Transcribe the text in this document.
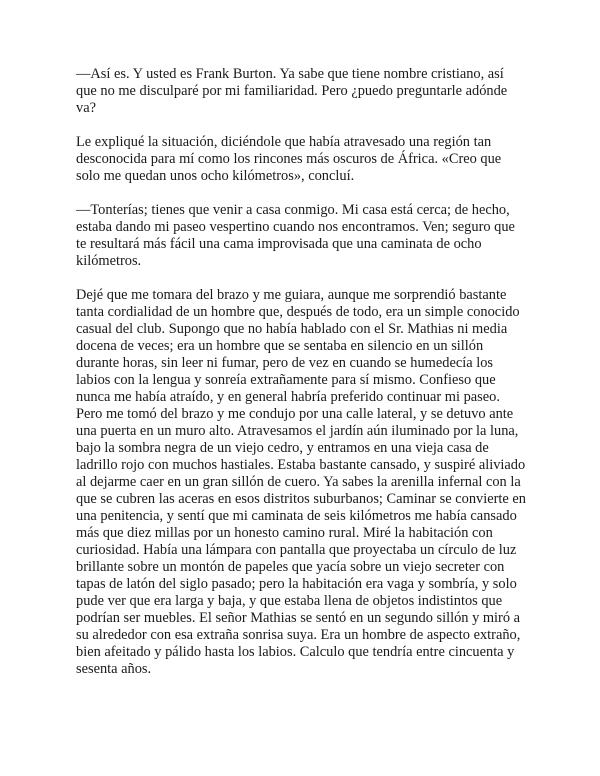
—Así es. Y usted es Frank Burton. Ya sabe que tiene nombre cristiano, así que no me disculparé por mi familiaridad. Pero ¿puedo preguntarle adónde va?

Le expliqué la situación, diciéndole que había atravesado una región tan desconocida para mí como los rincones más oscuros de África. «Creo que solo me quedan unos ocho kilómetros», concluí.

—Tonterías; tienes que venir a casa conmigo. Mi casa está cerca; de hecho, estaba dando mi paseo vespertino cuando nos encontramos. Ven; seguro que te resultará más fácil una cama improvisada que una caminata de ocho kilómetros.

Dejé que me tomara del brazo y me guiara, aunque me sorprendió bastante tanta cordialidad de un hombre que, después de todo, era un simple conocido casual del club. Supongo que no había hablado con el Sr. Mathias ni media docena de veces; era un hombre que se sentaba en silencio en un sillón durante horas, sin leer ni fumar, pero de vez en cuando se humedecía los labios con la lengua y sonreía extrañamente para sí mismo. Confieso que nunca me había atraído, y en general habría preferido continuar mi paseo. Pero me tomó del brazo y me condujo por una calle lateral, y se detuvo ante una puerta en un muro alto. Atravesamos el jardín aún iluminado por la luna, bajo la sombra negra de un viejo cedro, y entramos en una vieja casa de ladrillo rojo con muchos hastiales. Estaba bastante cansado, y suspiré aliviado al dejarme caer en un gran sillón de cuero. Ya sabes la arenilla infernal con la que se cubren las aceras en esos distritos suburbanos; Caminar se convierte en una penitencia, y sentí que mi caminata de seis kilómetros me había cansado más que diez millas por un honesto camino rural. Miré la habitación con curiosidad. Había una lámpara con pantalla que proyectaba un círculo de luz brillante sobre un montón de papeles que yacía sobre un viejo secreter con tapas de latón del siglo pasado; pero la habitación era vaga y sombría, y solo pude ver que era larga y baja, y que estaba llena de objetos indistintos que podrían ser muebles. El señor Mathias se sentó en un segundo sillón y miró a su alrededor con esa extraña sonrisa suya. Era un hombre de aspecto extraño, bien afeitado y pálido hasta los labios. Calculo que tendría entre cincuenta y sesenta años.
